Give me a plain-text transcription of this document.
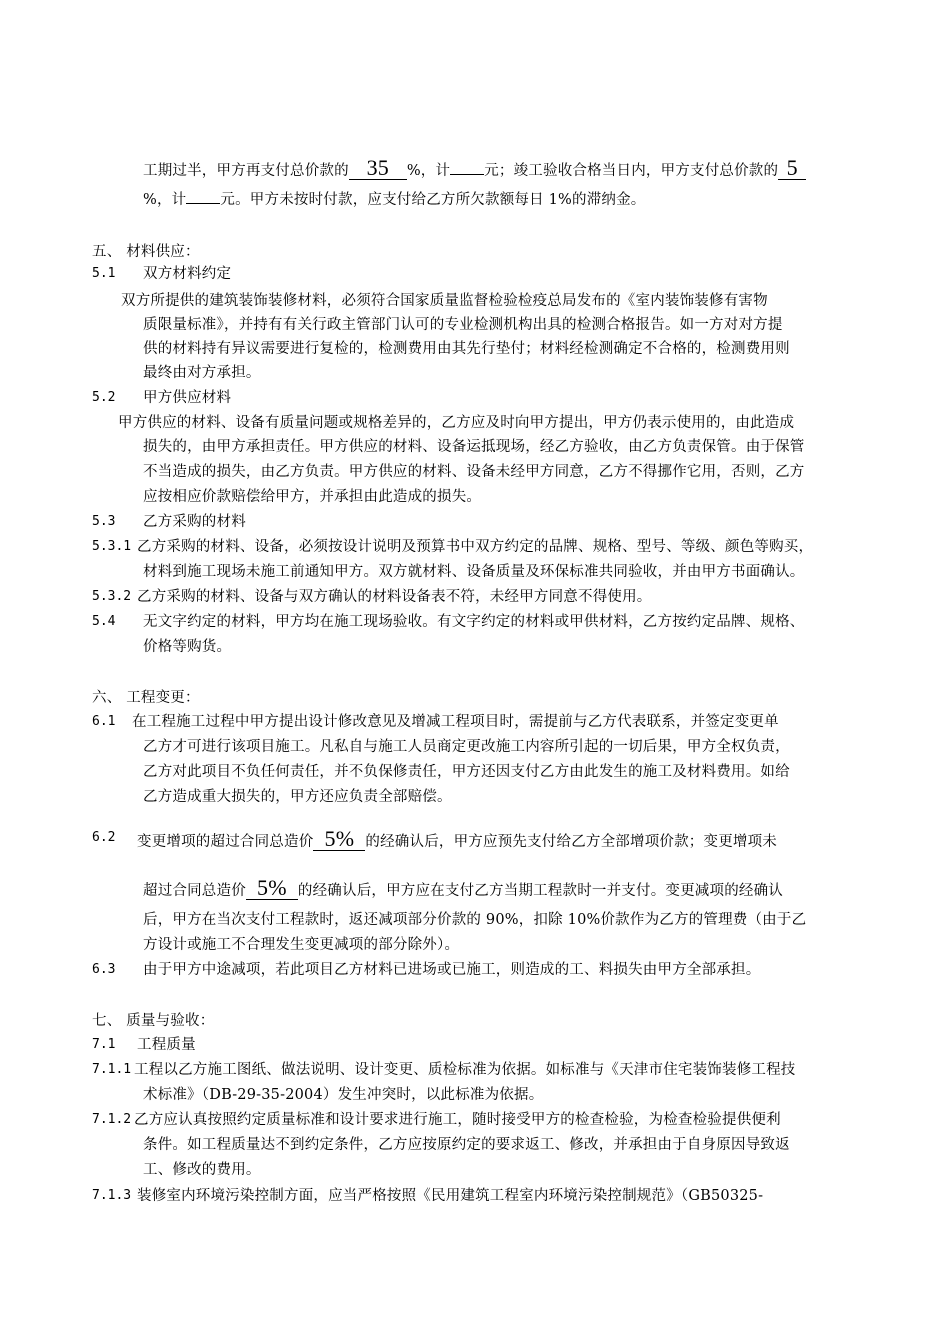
工期过半，甲方再支付总价款的 35 %，计 元；竣工验收合格当日内，甲方支付总价款的 5
%，计 元。甲方未按时付款，应支付给乙方所欠款额每日 1%的滞纳金。
五、 材料供应：
5.1 双方材料约定
双方所提供的建筑装饰装修材料，必须符合国家质量监督检验检疫总局发布的《室内装饰装修有害物
质限量标准》，并持有有关行政主管部门认可的专业检测机构出具的检测合格报告。如一方对对方提
供的材料持有异议需要进行复检的，检测费用由其先行垫付；材料经检测确定不合格的，检测费用则
最终由对方承担。
5.2 甲方供应材料
甲方供应的材料、设备有质量问题或规格差异的，乙方应及时向甲方提出，甲方仍表示使用的，由此造成
损失的，由甲方承担责任。甲方供应的材料、设备运抵现场，经乙方验收，由乙方负责保管。由于保管
不当造成的损失，由乙方负责。甲方供应的材料、设备未经甲方同意，乙方不得挪作它用，否则，乙方
应按相应价款赔偿给甲方，并承担由此造成的损失。
5.3 乙方采购的材料
5.3.1 乙方采购的材料、设备，必须按设计说明及预算书中双方约定的品牌、规格、型号、等级、颜色等购买，
材料到施工现场未施工前通知甲方。双方就材料、设备质量及环保标准共同验收，并由甲方书面确认。
5.3.2 乙方采购的材料、设备与双方确认的材料设备表不符，未经甲方同意不得使用。
5.4 无文字约定的材料，甲方均在施工现场验收。有文字约定的材料或甲供材料，乙方按约定品牌、规格、
价格等购货。
六、 工程变更：
6.1 在工程施工过程中甲方提出设计修改意见及增减工程项目时，需提前与乙方代表联系，并签定变更单
乙方才可进行该项目施工。凡私自与施工人员商定更改施工内容所引起的一切后果，甲方全权负责，
乙方对此项目不负任何责任，并不负保修责任，甲方还因支付乙方由此发生的施工及材料费用。如给
乙方造成重大损失的，甲方还应负责全部赔偿。
6.2 变更增项的超过合同总造价 5% 的经确认后，甲方应预先支付给乙方全部增项价款；变更增项未
超过合同总造价 5% 的经确认后，甲方应在支付乙方当期工程款时一并支付。变更减项的经确认
后，甲方在当次支付工程款时，返还减项部分价款的 90%，扣除 10%价款作为乙方的管理费（由于乙
方设计或施工不合理发生变更减项的部分除外）。
6.3 由于甲方中途减项，若此项目乙方材料已进场或已施工，则造成的工、料损失由甲方全部承担。
七、 质量与验收：
7.1 工程质量
7.1.1 工程以乙方施工图纸、做法说明、设计变更、质检标准为依据。如标准与《天津市住宅装饰装修工程技
术标准》（DB-29-35-2004）发生冲突时，以此标准为依据。
7.1.2 乙方应认真按照约定质量标准和设计要求进行施工，随时接受甲方的检查检验，为检查检验提供便利
条件。如工程质量达不到约定条件，乙方应按原约定的要求返工、修改，并承担由于自身原因导致返
工、修改的费用。
7.1.3 装修室内环境污染控制方面，应当严格按照《民用建筑工程室内环境污染控制规范》（GB50325-
